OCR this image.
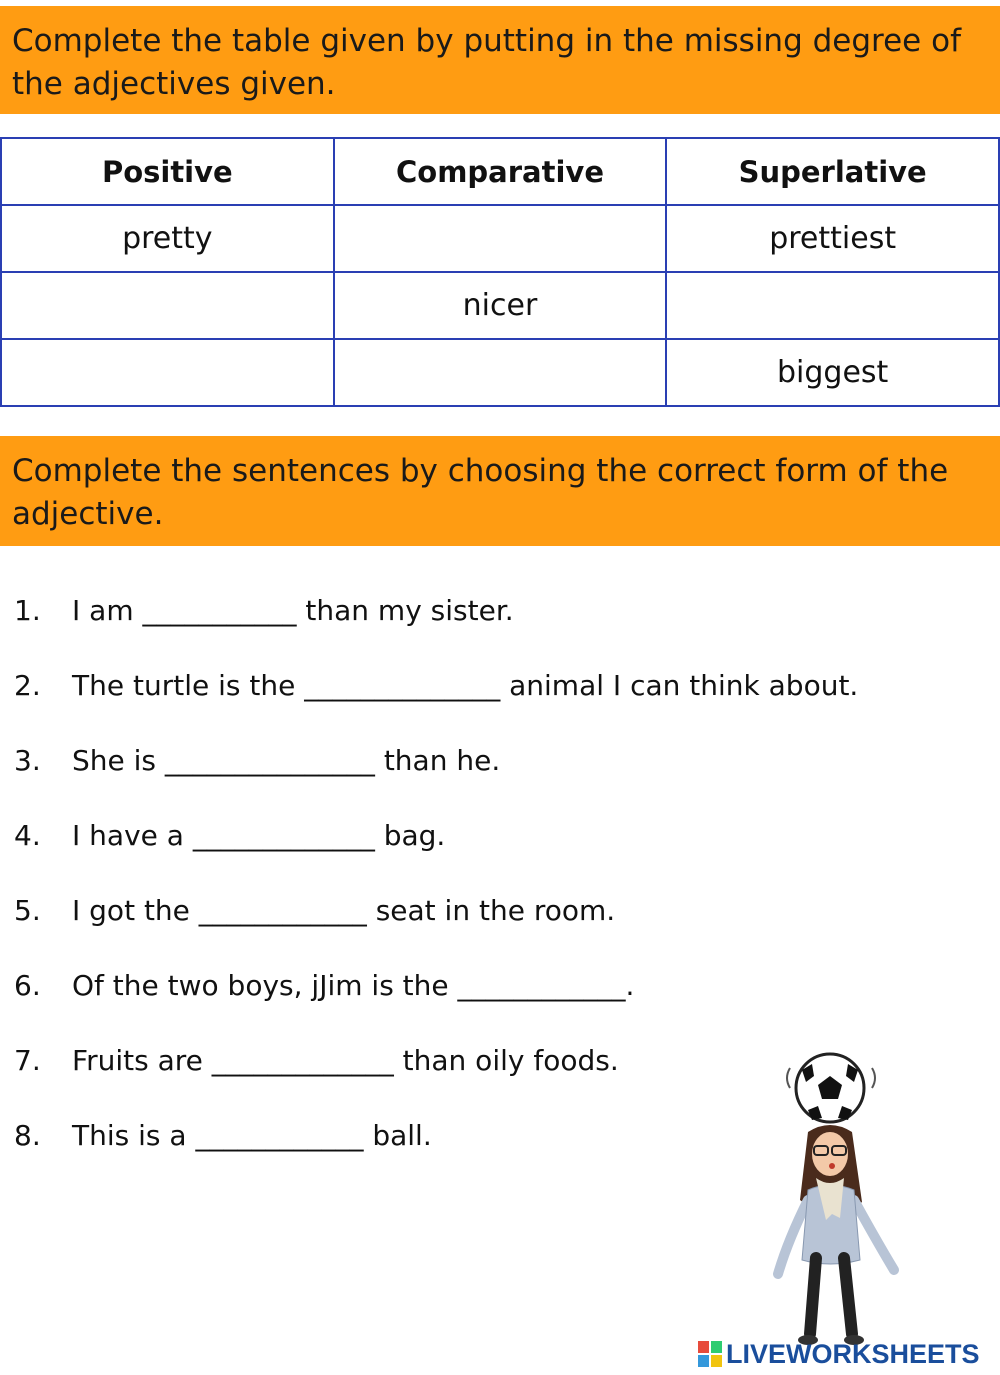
Complete the table given by putting in the missing degree of the adjectives given.
Positive	Comparative	Superlative
pretty		prettiest
	nicer	
		biggest
Complete the sentences by choosing the correct form of the adjective.
1.	I am ___________ than my sister.
2.	The turtle is the ______________ animal I can think about.
3.	She is _______________ than he.
4.	I have a _____________ bag.
5.	I got the ____________ seat in the room.
6.	Of the two boys, jJim is the ____________.
7.	Fruits are _____________ than oily foods.
8.	This is a ____________ ball.
LIVEWORKSHEETS
